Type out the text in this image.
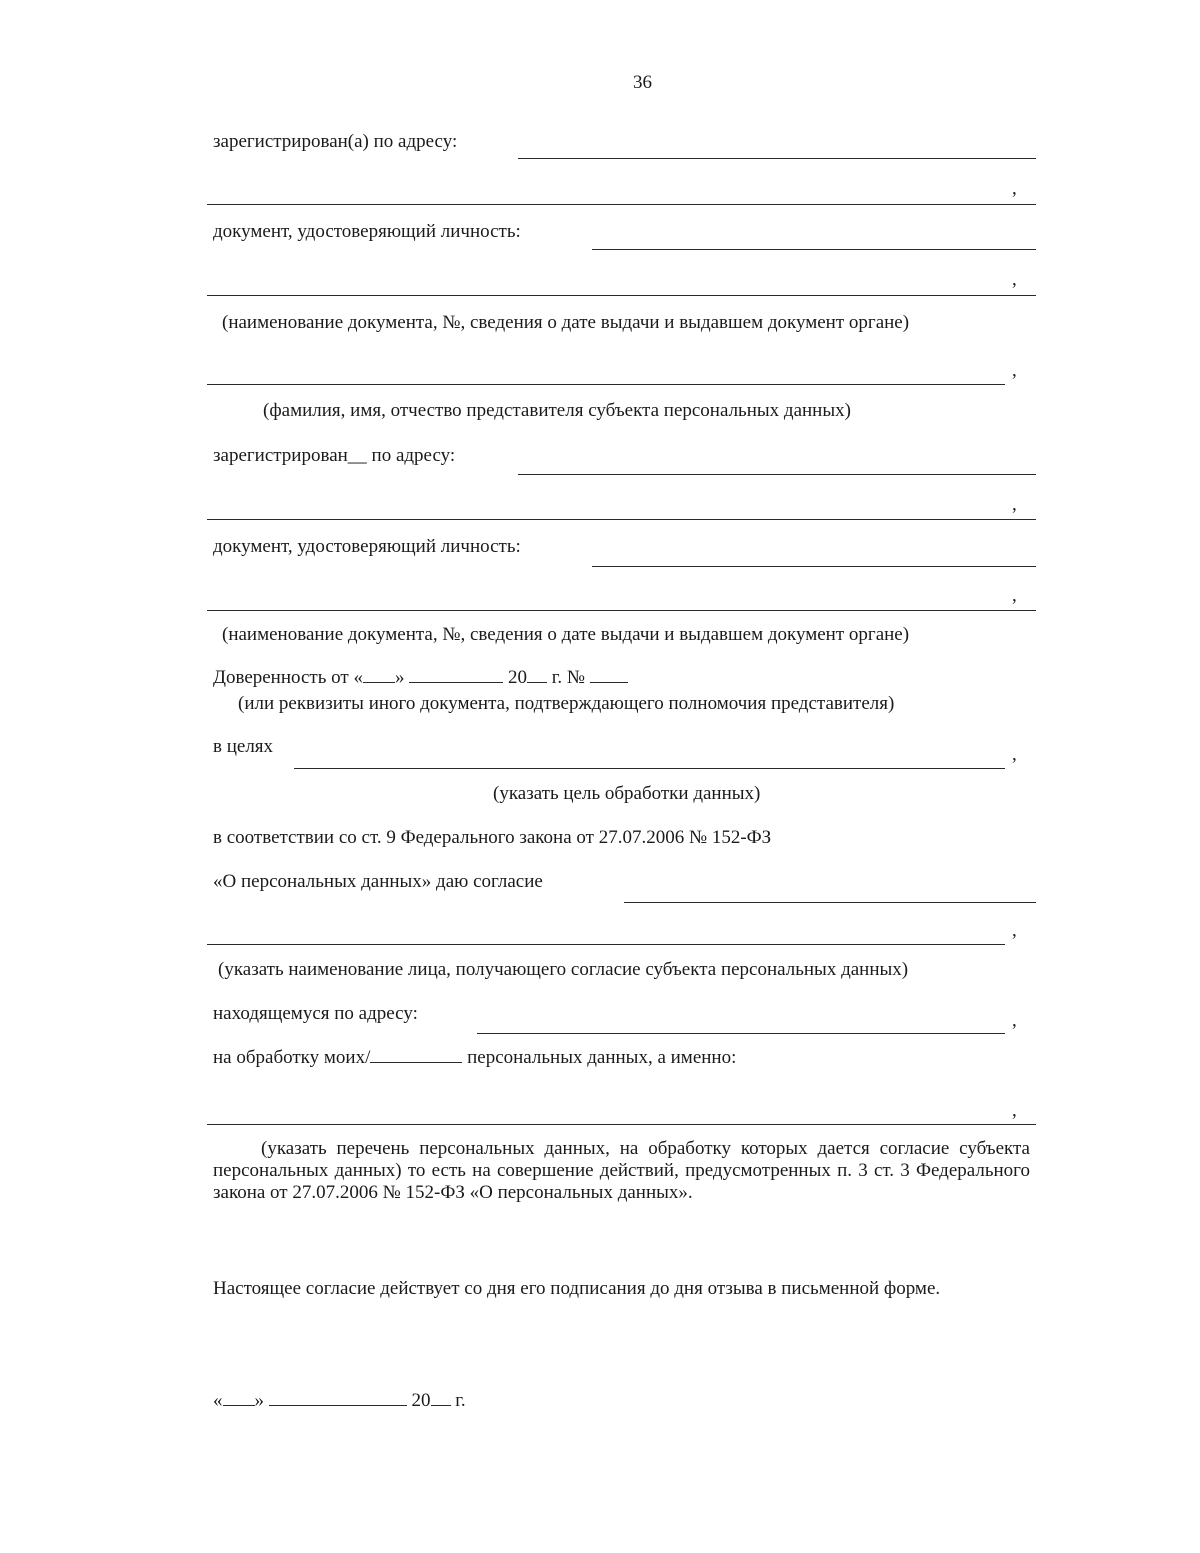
36
зарегистрирован(а) по адресу:
,
документ, удостоверяющий личность:
,
(наименование документа, №, сведения о дате выдачи и выдавшем документ органе)
,
(фамилия, имя, отчество представителя субъекта персональных данных)
зарегистрирован__ по адресу:
,
документ, удостоверяющий личность:
,
(наименование документа, №, сведения о дате выдачи и выдавшем документ органе)
Доверенность от « »	20 г. №
(или реквизиты иного документа, подтверждающего полномочия представителя)
в целях	,
(указать цель обработки данных)
в соответствии со ст. 9 Федерального закона от 27.07.2006 № 152-ФЗ
«О персональных данных» даю согласие
,
(указать наименование лица, получающего согласие субъекта персональных данных)
находящемуся по адресу:	,
на обработку моих/	персональных данных, а именно:
,
(указать перечень персональных данных, на обработку которых дается согласие субъекта персональных данных) то есть на совершение действий, предусмотренных п. 3 ст. 3 Федерального закона от 27.07.2006 № 152-ФЗ «О персональных данных».
Настоящее согласие действует со дня его подписания до дня отзыва в письменной форме.
« »	20 г.
